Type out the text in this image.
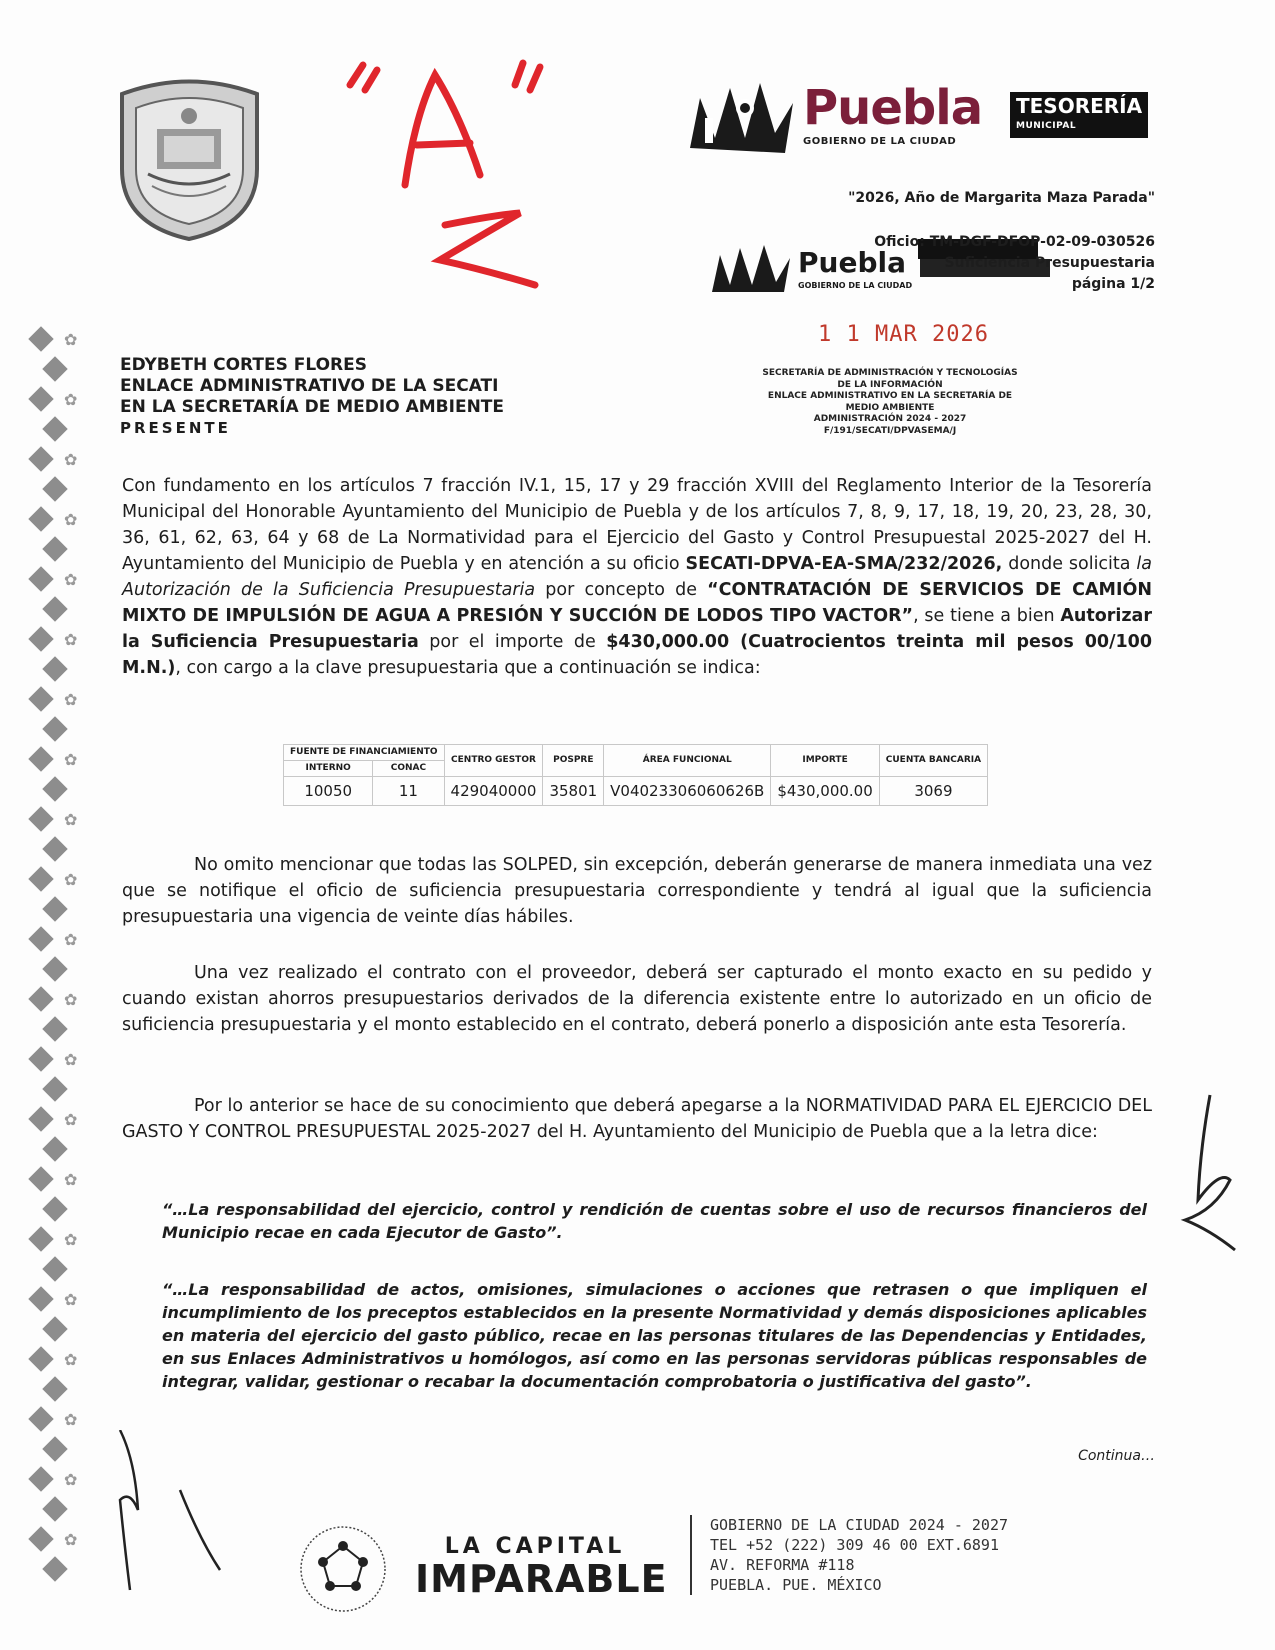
✿
✿
✿
✿
✿
✿
✿
✿
✿
✿
✿
✿
✿
✿
✿
✿
✿
✿
✿
✿
✿
Puebla
GOBIERNO DE LA CIUDAD
TESORERÍA
MUNICIPAL
"2026, Año de Margarita Maza Parada"
Puebla
GOBIERNO DE LA CIUDAD
Oficio: TM-DGF-DFOP-02-09-030526
Suficiencia Presupuestaria
página 1/2
1 1 MAR 2026
SECRETARÍA DE ADMINISTRACIÓN Y TECNOLOGÍAS
DE LA INFORMACIÓN
ENLACE ADMINISTRATIVO EN LA SECRETARÍA DE
MEDIO AMBIENTE
ADMINISTRACIÓN 2024 - 2027
F/191/SECATI/DPVASEMA/J
EDYBETH CORTES FLORES
ENLACE ADMINISTRATIVO DE LA SECATI
EN LA SECRETARÍA DE MEDIO AMBIENTE
PRESENTE
Con fundamento en los artículos 7 fracción IV.1, 15, 17 y 29 fracción XVIII del Reglamento Interior de la Tesorería Municipal del Honorable Ayuntamiento del Municipio de Puebla y de los artículos 7, 8, 9, 17, 18, 19, 20, 23, 28, 30, 36, 61, 62, 63, 64 y 68 de La Normatividad para el Ejercicio del Gasto y Control Presupuestal 2025-2027 del H. Ayuntamiento del Municipio de Puebla y en atención a su oficio SECATI-DPVA-EA-SMA/232/2026, donde solicita la Autorización de la Suficiencia Presupuestaria por concepto de “CONTRATACIÓN DE SERVICIOS DE CAMIÓN MIXTO DE IMPULSIÓN DE AGUA A PRESIÓN Y SUCCIÓN DE LODOS TIPO VACTOR”, se tiene a bien Autorizar la Suficiencia Presupuestaria por el importe de $430,000.00 (Cuatrocientos treinta mil pesos 00/100 M.N.), con cargo a la clave presupuestaria que a continuación se indica:
FUENTE DE FINANCIAMIENTO		CENTRO GESTOR	POSPRE	ÁREA FUNCIONAL	IMPORTE	CUENTA BANCARIA
INTERNO	CONAC					
10050	11	429040000	35801	V04023306060626B	$430,000.00	3069
No omito mencionar que todas las SOLPED, sin excepción, deberán generarse de manera inmediata una vez que se notifique el oficio de suficiencia presupuestaria correspondiente y tendrá al igual que la suficiencia presupuestaria una vigencia de veinte días hábiles.
Una vez realizado el contrato con el proveedor, deberá ser capturado el monto exacto en su pedido y cuando existan ahorros presupuestarios derivados de la diferencia existente entre lo autorizado en un oficio de suficiencia presupuestaria y el monto establecido en el contrato, deberá ponerlo a disposición ante esta Tesorería.
Por lo anterior se hace de su conocimiento que deberá apegarse a la NORMATIVIDAD PARA EL EJERCICIO DEL GASTO Y CONTROL PRESUPUESTAL 2025-2027 del H. Ayuntamiento del Municipio de Puebla que a la letra dice:
“…La responsabilidad del ejercicio, control y rendición de cuentas sobre el uso de recursos financieros del Municipio recae en cada Ejecutor de Gasto”.
“…La responsabilidad de actos, omisiones, simulaciones o acciones que retrasen o que impliquen el incumplimiento de los preceptos establecidos en la presente Normatividad y demás disposiciones aplicables en materia del ejercicio del gasto público, recae en las personas titulares de las Dependencias y Entidades, en sus Enlaces Administrativos u homólogos, así como en las personas servidoras públicas responsables de integrar, validar, gestionar o recabar la documentación comprobatoria o justificativa del gasto”.
Continua…
LA CAPITAL
IMPARABLE
GOBIERNO DE LA CIUDAD 2024 - 2027
TEL +52 (222) 309 46 00 EXT.6891
AV. REFORMA #118
PUEBLA. PUE. MÉXICO
